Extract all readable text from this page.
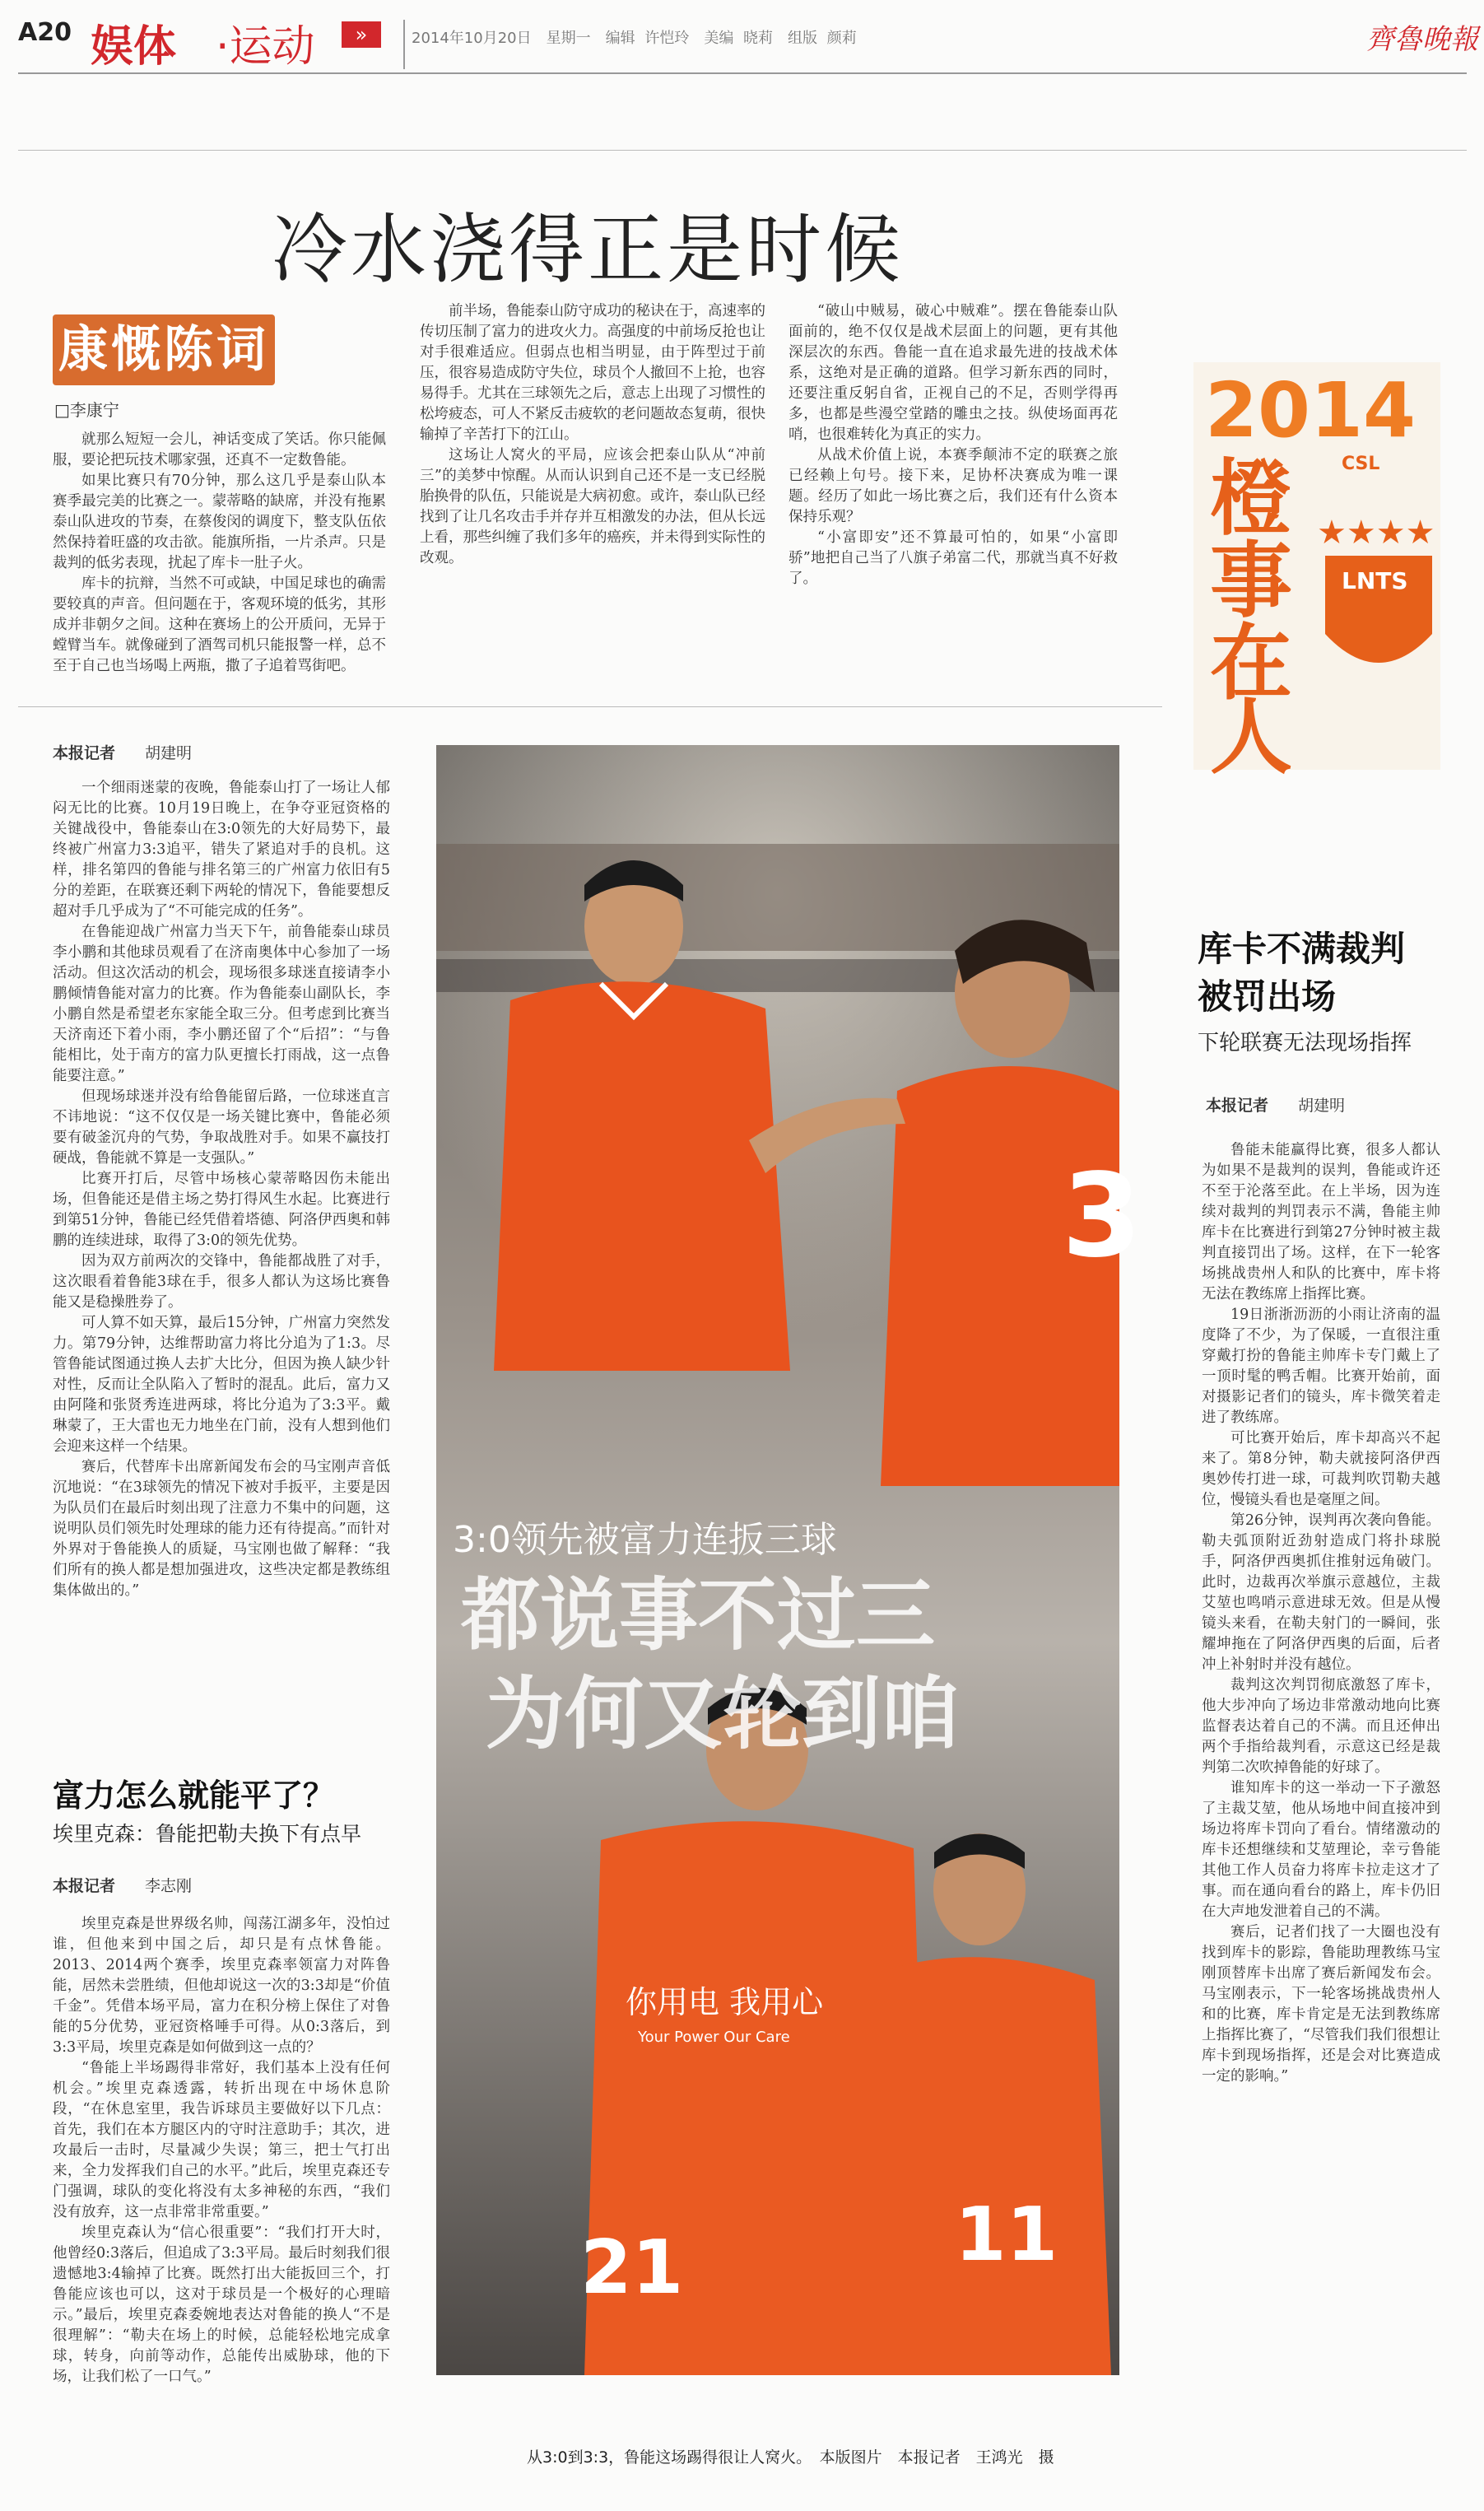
A20 娱体 ·运动	»	2014年10月20日　星期一　编辑 许恺玲　美编 晓莉　组版 颜莉	齊魯晚報
冷水浇得正是时候
康慨陈词
□李康宁

就那么短短一会儿，神话变成了笑话。你只能佩服，要论把玩技术哪家强，还真不一定数鲁能。

如果比赛只有70分钟，那么这几乎是泰山队本赛季最完美的比赛之一。蒙蒂略的缺席，并没有拖累泰山队进攻的节奏，在蔡俊闵的调度下，整支队伍依然保持着旺盛的攻击欲。能旗所指，一片杀声。只是裁判的低劣表现，扰起了库卡一肚子火。

库卡的抗辩，当然不可或缺，中国足球也的确需要较真的声音。但问题在于，客观环境的低劣，其形成并非朝夕之间。这种在赛场上的公开质问，无异于螳臂当车。就像碰到了酒驾司机只能报警一样，总不至于自己也当场喝上两瓶，撒了子追着骂街吧。

前半场，鲁能泰山防守成功的秘诀在于，高速率的传切压制了富力的进攻火力。高强度的中前场反抢也让对手很难适应。但弱点也相当明显，由于阵型过于前压，很容易造成防守失位，球员个人撤回不上抢，也容易得手。尤其在三球领先之后，意志上出现了习惯性的松垮疲态，可人不紧反击疲软的老问题故态复萌，很快输掉了辛苦打下的江山。

这场让人窝火的平局，应该会把泰山队从“冲前三”的美梦中惊醒。从而认识到自己还不是一支已经脱胎换骨的队伍，只能说是大病初愈。或许，泰山队已经找到了让几名攻击手并存并互相激发的办法，但从长远上看，那些纠缠了我们多年的癌疾，并未得到实际性的改观。

“破山中贼易，破心中贼难”。摆在鲁能泰山队面前的，绝不仅仅是战术层面上的问题，更有其他深层次的东西。鲁能一直在追求最先进的技战术体系，这绝对是正确的道路。但学习新东西的同时，还要注重反躬自省，正视自己的不足，否则学得再多，也都是些漫空堂踏的雕虫之技。纵使场面再花哨，也很难转化为真正的实力。

从战术价值上说，本赛季颠沛不定的联赛之旅已经赖上句号。接下来，足协杯决赛成为唯一课题。经历了如此一场比赛之后，我们还有什么资本保持乐观？

“小富即安”还不算最可怕的，如果“小富即骄”地把自己当了八旗子弟富二代，那就当真不好救了。

本报记者 胡建明

一个细雨迷蒙的夜晚，鲁能泰山打了一场让人郁闷无比的比赛。10月19日晚上，在争夺亚冠资格的关键战役中，鲁能泰山在3:0领先的大好局势下，最终被广州富力3:3追平，错失了紧追对手的良机。这样，排名第四的鲁能与排名第三的广州富力依旧有5分的差距，在联赛还剩下两轮的情况下，鲁能要想反超对手几乎成为了“不可能完成的任务”。

在鲁能迎战广州富力当天下午，前鲁能泰山球员李小鹏和其他球员观看了在济南奥体中心参加了一场活动。但这次活动的机会，现场很多球迷直接请李小鹏倾情鲁能对富力的比赛。作为鲁能泰山副队长，李小鹏自然是希望老东家能全取三分。但考虑到比赛当天济南还下着小雨，李小鹏还留了个“后招”：“与鲁能相比，处于南方的富力队更擅长打雨战，这一点鲁能要注意。”

但现场球迷并没有给鲁能留后路，一位球迷直言不讳地说：“这不仅仅是一场关键比赛中，鲁能必须要有破釜沉舟的气势，争取战胜对手。如果不赢技打硬战，鲁能就不算是一支强队。”

比赛开打后，尽管中场核心蒙蒂略因伤未能出场，但鲁能还是借主场之势打得风生水起。比赛进行到第51分钟，鲁能已经凭借着塔德、阿洛伊西奥和韩鹏的连续进球，取得了3:0的领先优势。

因为双方前两次的交锋中，鲁能都战胜了对手，这次眼看着鲁能3球在手，很多人都认为这场比赛鲁能又是稳操胜券了。

可人算不如天算，最后15分钟，广州富力突然发力。第79分钟，达维帮助富力将比分追为了1:3。尽管鲁能试图通过换人去扩大比分，但因为换人缺少针对性，反而让全队陷入了暂时的混乱。此后，富力又由阿隆和张贤秀连进两球，将比分追为了3:3平。戴琳蒙了，王大雷也无力地坐在门前，没有人想到他们会迎来这样一个结果。

赛后，代替库卡出席新闻发布会的马宝刚声音低沉地说：“在3球领先的情况下被对手扳平，主要是因为队员们在最后时刻出现了注意力不集中的问题，这说明队员们领先时处理球的能力还有待提高。”而针对外界对于鲁能换人的质疑，马宝刚也做了解释：“我们所有的换人都是想加强进攻，这些决定都是教练组集体做出的。”

富力怎么就能平了？
埃里克森：鲁能把勒夫换下有点早
本报记者 李志刚

埃里克森是世界级名帅，闯荡江湖多年，没怕过谁，但他来到中国之后，却只是有点怵鲁能。2013、2014两个赛季，埃里克森率领富力对阵鲁能，居然未尝胜绩，但他却说这一次的3:3却是“价值千金”。凭借本场平局，富力在积分榜上保住了对鲁能的5分优势，亚冠资格唾手可得。从0:3落后，到3:3平局，埃里克森是如何做到这一点的？

“鲁能上半场踢得非常好，我们基本上没有任何机会。”埃里克森透露，转折出现在中场休息阶段，“在休息室里，我告诉球员主要做好以下几点：首先，我们在本方腿区内的守时注意助手；其次，进攻最后一击时，尽量减少失误；第三，把士气打出来，全力发挥我们自己的水平。”此后，埃里克森还专门强调，球队的变化将没有太多神秘的东西，“我们没有放弃，这一点非常非常重要。”

埃里克森认为“信心很重要”：“我们打开大时，他曾经0:3落后，但追成了3:3平局。最后时刻我们很遗憾地3:4输掉了比赛。既然打出大能扳回三个，打鲁能应该也可以，这对于球员是一个极好的心理暗示。”最后，埃里克森委婉地表达对鲁能的换人“不是很理解”：“勒夫在场上的时候，总能轻松地完成拿球，转身，向前等动作，总能传出威胁球，他的下场，让我们松了一口气。”

3
你用电 我用心
Your Power Our Care
21	11
3:0领先被富力连扳三球
都说事不过三
为何又轮到咱
从3:0到3:3，鲁能这场踢得很让人窝火。　本版图片　本报记者　王鸿光　摄
2014
橙
事
在
人
CSL
★★★★
LNTS
库卡不满裁判
被罚出场
下轮联赛无法现场指挥
本报记者 胡建明

鲁能未能赢得比赛，很多人都认为如果不是裁判的误判，鲁能或许还不至于沦落至此。在上半场，因为连续对裁判的判罚表示不满，鲁能主帅库卡在比赛进行到第27分钟时被主裁判直接罚出了场。这样，在下一轮客场挑战贵州人和队的比赛中，库卡将无法在教练席上指挥比赛。

19日浙浙沥沥的小雨让济南的温度降了不少，为了保暖，一直很注重穿戴打扮的鲁能主帅库卡专门戴上了一顶时髦的鸭舌帽。比赛开始前，面对摄影记者们的镜头，库卡微笑着走进了教练席。

可比赛开始后，库卡却高兴不起来了。第8分钟，勒夫就接阿洛伊西奥妙传打进一球，可裁判吹罚勒夫越位，慢镜头看也是毫厘之间。

第26分钟，误判再次袭向鲁能。勒夫弧顶附近劲射造成门将扑球脱手，阿洛伊西奥抓住推射远角破门。此时，边裁再次举旗示意越位，主裁艾堃也鸣哨示意进球无效。但是从慢镜头来看，在勒夫射门的一瞬间，张耀坤拖在了阿洛伊西奥的后面，后者冲上补射时并没有越位。

裁判这次判罚彻底激怒了库卡，他大步冲向了场边非常激动地向比赛监督表达着自己的不满。而且还伸出两个手指给裁判看，示意这已经是裁判第二次吹掉鲁能的好球了。

谁知库卡的这一举动一下子激怒了主裁艾堃，他从场地中间直接冲到场边将库卡罚向了看台。情绪激动的库卡还想继续和艾堃理论，幸亏鲁能其他工作人员奋力将库卡拉走这才了事。而在通向看台的路上，库卡仍旧在大声地发泄着自己的不满。

赛后，记者们找了一大圈也没有找到库卡的影踪，鲁能助理教练马宝刚顶替库卡出席了赛后新闻发布会。马宝刚表示，下一轮客场挑战贵州人和的比赛，库卡肯定是无法到教练席上指挥比赛了，“尽管我们我们很想让库卡到现场指挥，还是会对比赛造成一定的影响。”
